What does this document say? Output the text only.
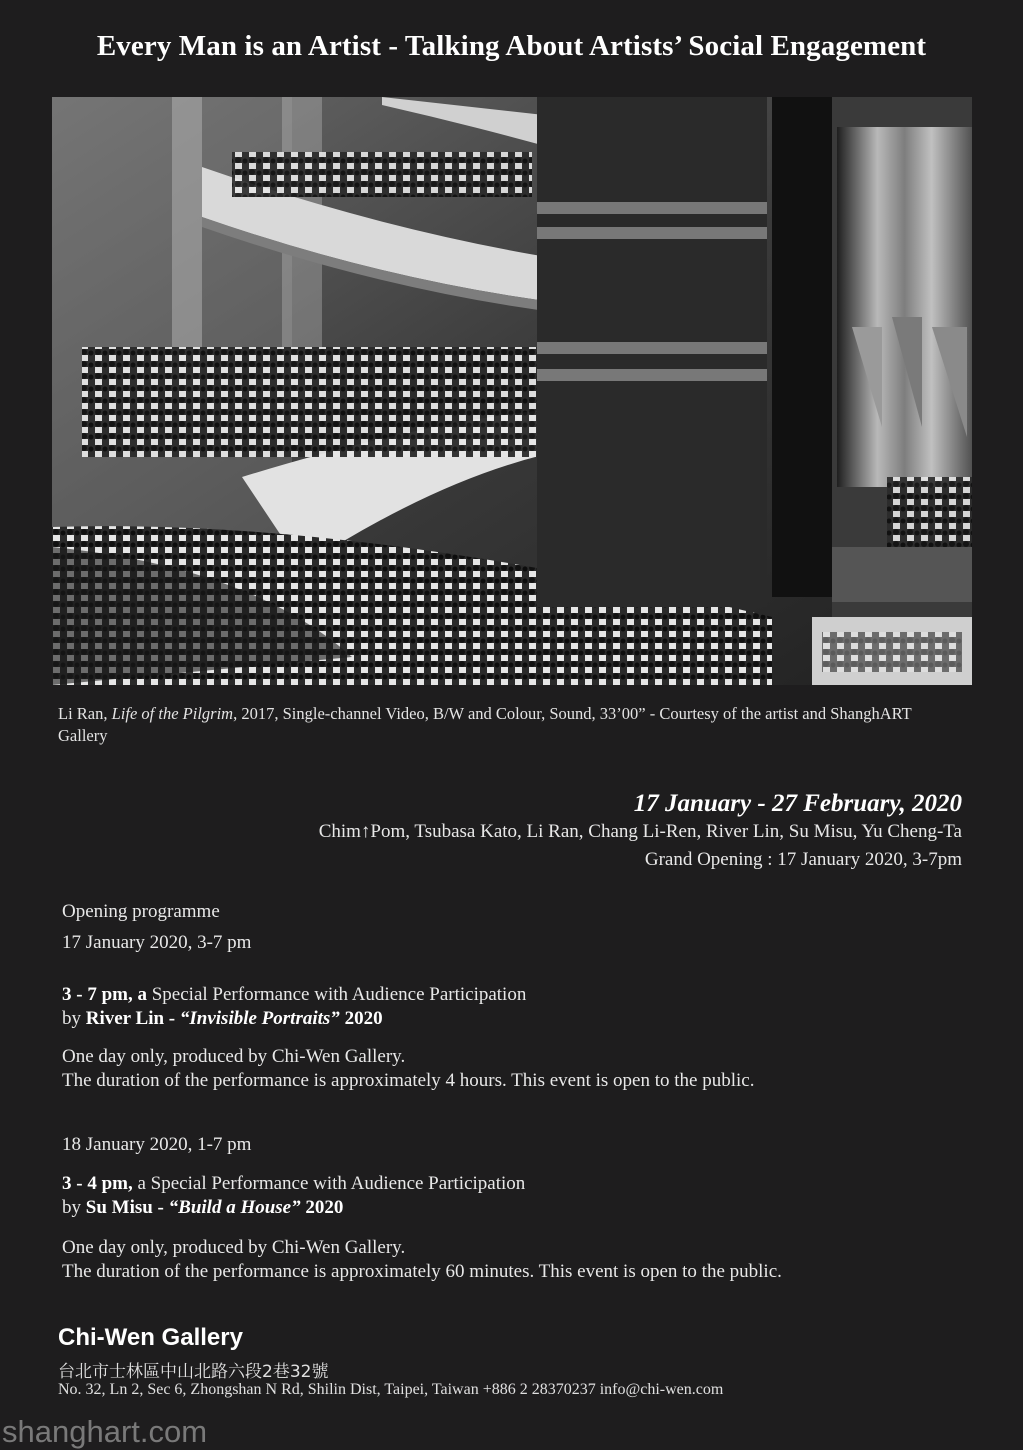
Every Man is an Artist - Talking About Artists’ Social Engagement
Li Ran, Life of the Pilgrim, 2017, Single-channel Video, B/W and Colour, Sound, 33’00” - Courtesy of the artist and ShanghART Gallery
17 January - 27 February, 2020
Chim↑Pom, Tsubasa Kato, Li Ran, Chang Li-Ren, River Lin, Su Misu, Yu Cheng-Ta
Grand Opening : 17 January 2020, 3-7pm
Opening programme
17 January 2020, 3-7 pm
3 - 7 pm, a Special Performance with Audience Participation
by River Lin - “Invisible Portraits” 2020
One day only, produced by Chi-Wen Gallery.
The duration of the performance is approximately 4 hours. This event is open to the public.
18 January 2020, 1-7 pm
3 - 4 pm, a Special Performance with Audience Participation
by Su Misu - “Build a House” 2020
One day only, produced by Chi-Wen Gallery.
The duration of the performance is approximately 60 minutes. This event is open to the public.
Chi-Wen Gallery
台北市士林區中山北路六段2巷32號
No. 32, Ln 2, Sec 6, Zhongshan N Rd, Shilin Dist, Taipei, Taiwan +886 2 28370237 info@chi-wen.com
shanghart.com
